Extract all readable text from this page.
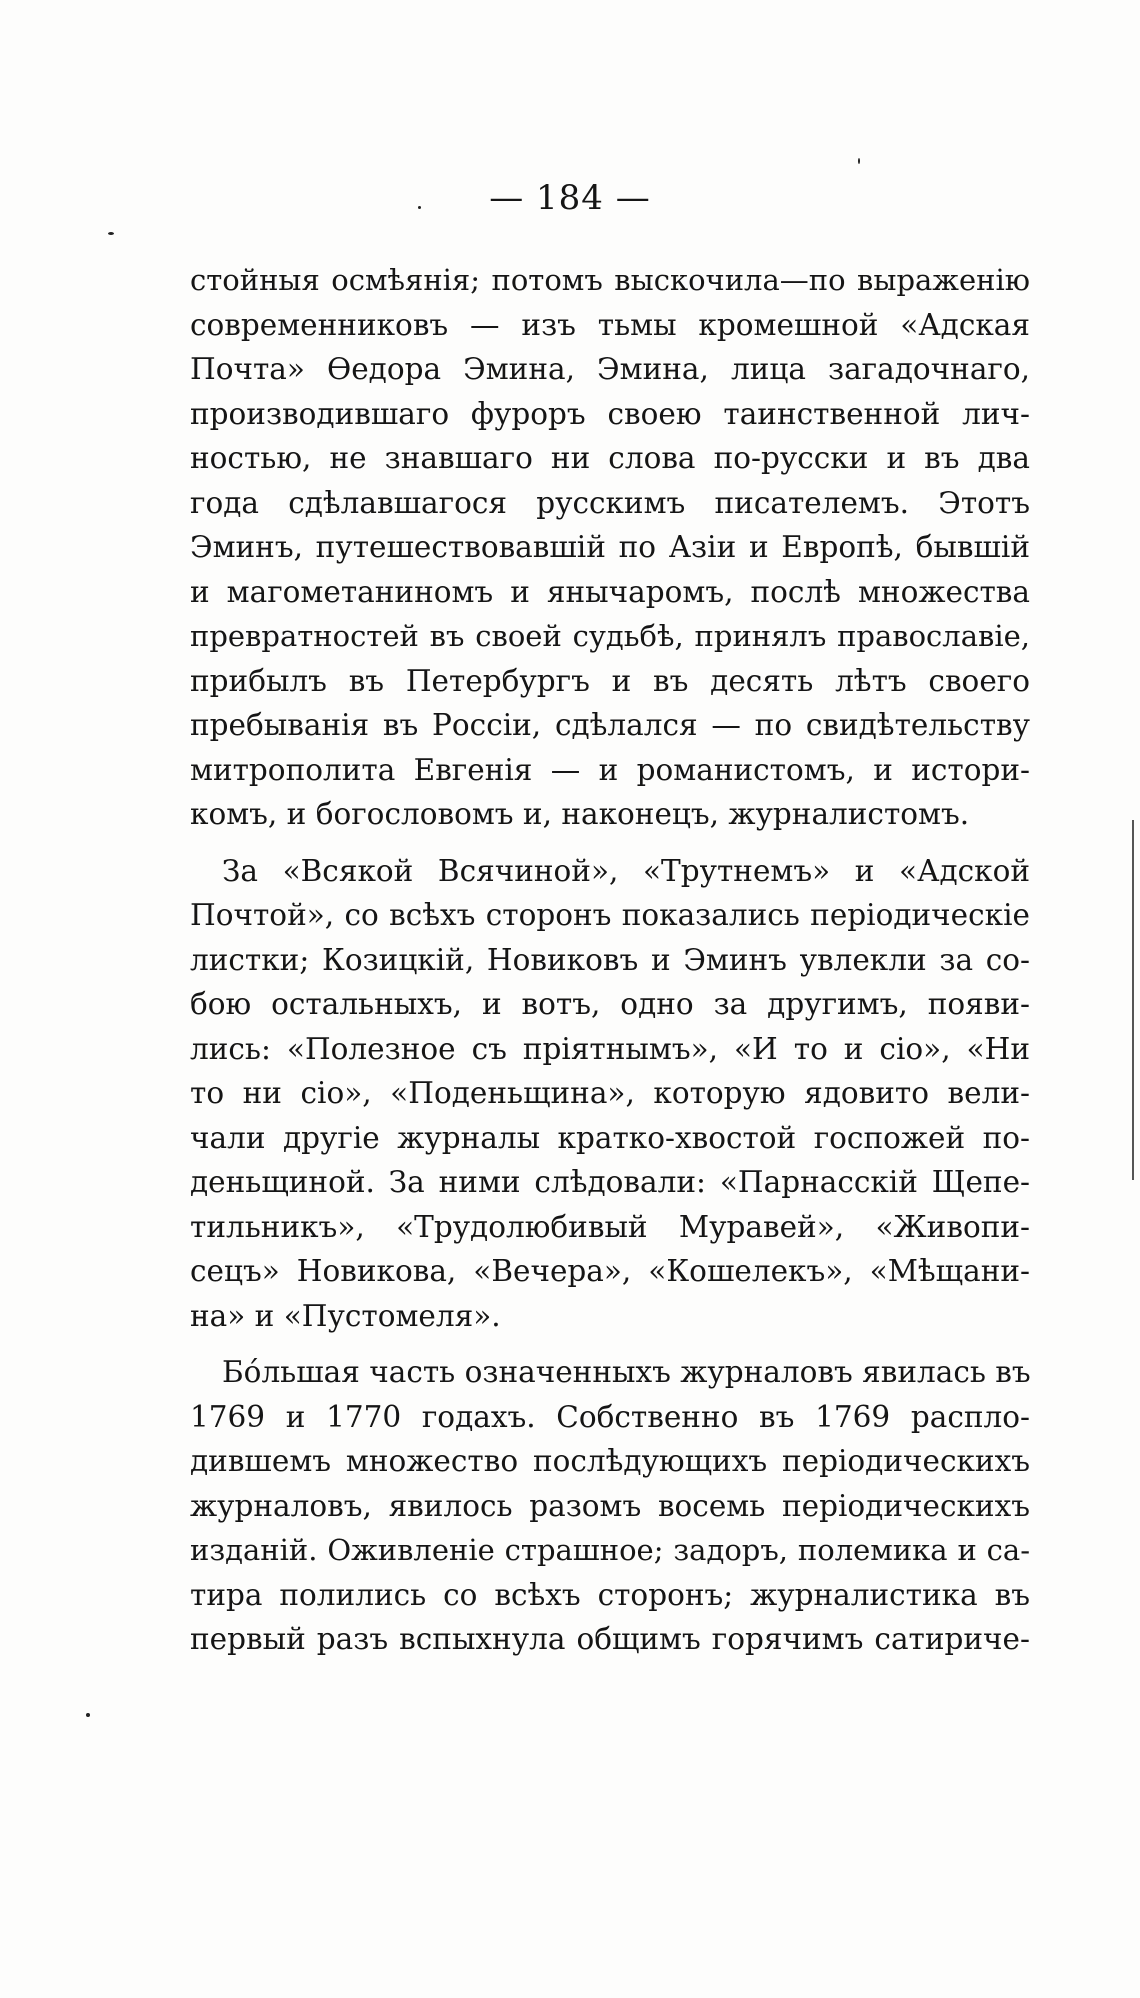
— 184 —

стойныя осмѣянія; потомъ выскочила—по выраженію
современниковъ — изъ тьмы кромешной «Адская
Почта» Ѳедора Эмина, Эмина, лица загадочнаго,
производившаго фуроръ своею таинственной лич-
ностью, не знавшаго ни слова по-русски и въ два
года сдѣлавшагося русскимъ писателемъ. Этотъ
Эминъ, путешествовавшій по Азіи и Европѣ, бывшій
и магометаниномъ и янычаромъ, послѣ множества
превратностей въ своей судьбѣ, принялъ православіе,
прибылъ въ Петербургъ и въ десять лѣтъ своего
пребыванія въ Россіи, сдѣлался — по свидѣтельству
митрополита Евгенія — и романистомъ, и истори-
комъ, и богословомъ и, наконецъ, журналистомъ.

За «Всякой Всячиной», «Трутнемъ» и «Адской
Почтой», со всѣхъ сторонъ показались періодическіе
листки; Козицкій, Новиковъ и Эминъ увлекли за со-
бою остальныхъ, и вотъ, одно за другимъ, появи-
лись: «Полезное съ пріятнымъ», «И то и сіо», «Ни
то ни сіо», «Поденьщина», которую ядовито вели-
чали другіе журналы кратко-хвостой госпожей по-
деньщиной. За ними слѣдовали: «Парнасскій Щепе-
тильникъ», «Трудолюбивый Муравей», «Живопи-
сецъ» Новикова, «Вечера», «Кошелекъ», «Мѣщани-
на» и «Пустомеля».

Бóльшая часть означенныхъ журналовъ явилась въ
1769 и 1770 годахъ. Собственно въ 1769 распло-
дившемъ множество послѣдующихъ періодическихъ
журналовъ, явилось разомъ восемь періодическихъ
изданій. Оживленіе страшное; задоръ, полемика и са-
тира полились со всѣхъ сторонъ; журналистика въ
первый разъ вспыхнула общимъ горячимъ сатириче-
